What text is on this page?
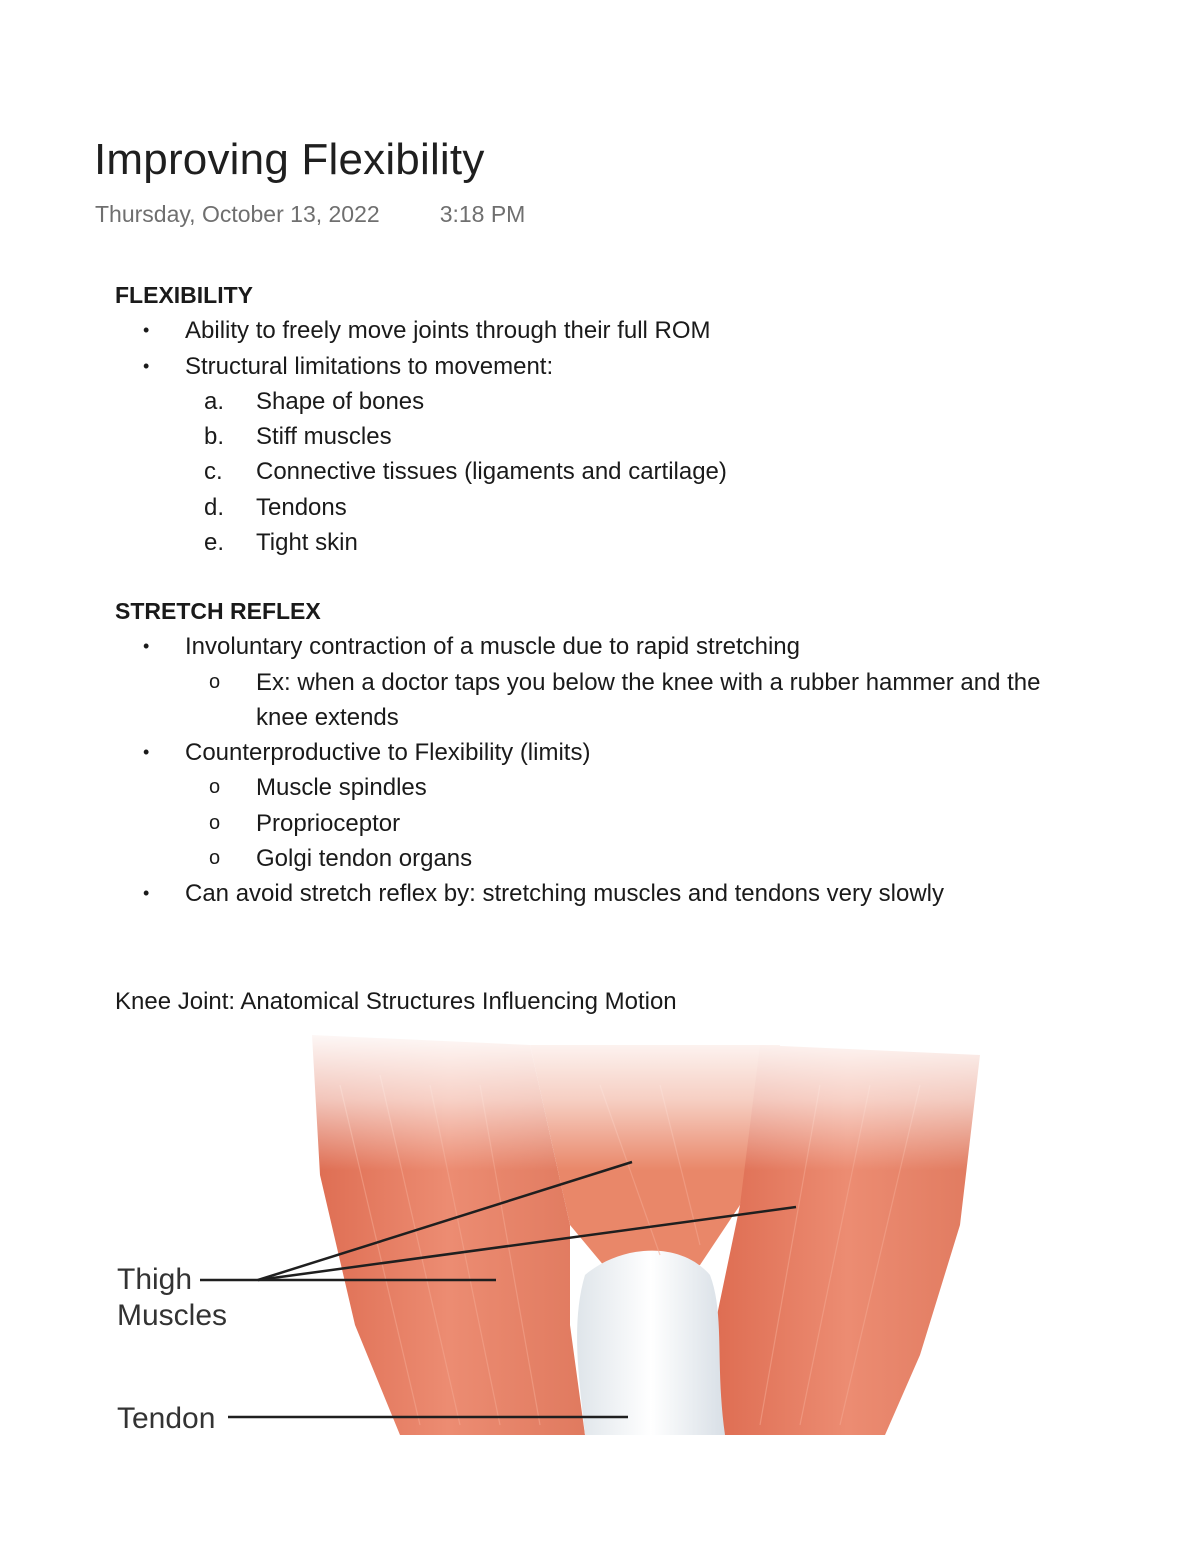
Improving Flexibility
Thursday, October 13, 2022	3:18 PM
FLEXIBILITY
•	Ability to freely move joints through their full ROM
•	Structural limitations to movement:
a.	Shape of bones
b.	Stiff muscles
c.	Connective tissues (ligaments and cartilage)
d.	Tendons
e.	Tight skin
STRETCH REFLEX
•	Involuntary contraction of a muscle due to rapid stretching
o	Ex: when a doctor taps you below the knee with a rubber hammer and the knee extends
•	Counterproductive to Flexibility (limits)
o	Muscle spindles
o	Proprioceptor
o	Golgi tendon organs
•	Can avoid stretch reflex by: stretching muscles and tendons very slowly
Knee Joint: Anatomical Structures Influencing Motion
Thigh
Muscles
Tendon
